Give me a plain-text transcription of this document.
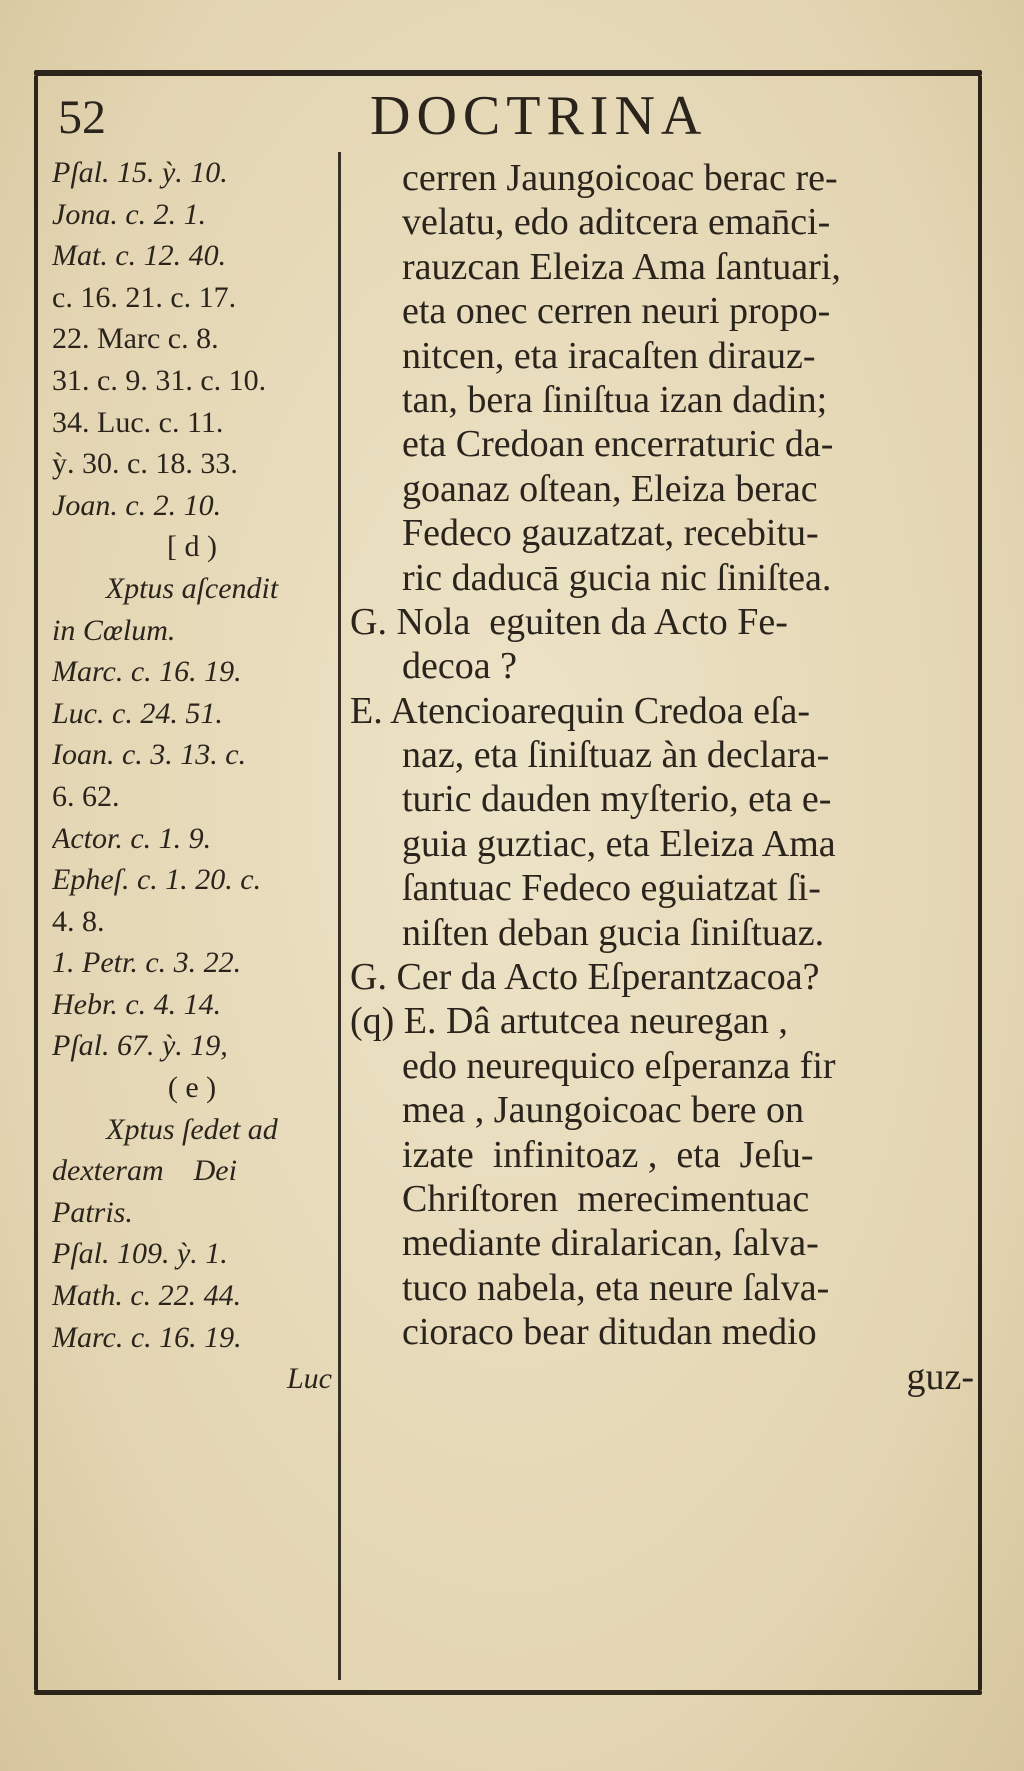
52	DOCTRINA
Pſal. 15. ỳ. 10.
Jona. c. 2. 1.
Mat. c. 12. 40.
c. 16. 21. c. 17.
22. Marc c. 8.
31. c. 9. 31. c. 10.
34. Luc. c. 11.
ỳ. 30. c. 18. 33.
Joan. c. 2. 10.
[ d )
Xptus aſcendit
in Cœlum.
Marc. c. 16. 19.
Luc. c. 24. 51.
Ioan. c. 3. 13. c.
6. 62.
Actor. c. 1. 9.
Epheſ. c. 1. 20. c.
4. 8.
1. Petr. c. 3. 22.
Hebr. c. 4. 14.
Pſal. 67. ỳ. 19,
( e )
Xptus ſedet ad
dexteram    Dei
Patris.
Pſal. 109. ỳ. 1.
Math. c. 22. 44.
Marc. c. 16. 19.
Luc
cerren Jaungoicoac berac re-
velatu, edo aditcera eman̄ci-
rauzcan Eleiza Ama ſantuari,
eta onec cerren neuri propo-
nitcen, eta iracaſten dirauz-
tan, bera ſiniſtua izan dadin;
eta Credoan encerraturic da-
goanaz oſtean, Eleiza berac
Fedeco gauzatzat, recebitu-
ric daducā gucia nic ſiniſtea.
G. Nola  eguiten da Acto Fe-
decoa ?
E. Atencioarequin Credoa eſa-
naz, eta ſiniſtuaz àn declara-
turic dauden myſterio, eta e-
guia guztiac, eta Eleiza Ama
ſantuac Fedeco eguiatzat ſi-
niſten deban gucia ſiniſtuaz.
G. Cer da Acto Eſperantzacoa?
(q) E. Dâ artutcea neuregan ,
edo neurequico eſperanza fir
mea , Jaungoicoac bere on
izate  infinitoaz ,  eta  Jeſu-
Chriſtoren  merecimentuac
mediante diralarican, ſalva-
tuco nabela, eta neure ſalva-
cioraco bear ditudan medio
guz-
